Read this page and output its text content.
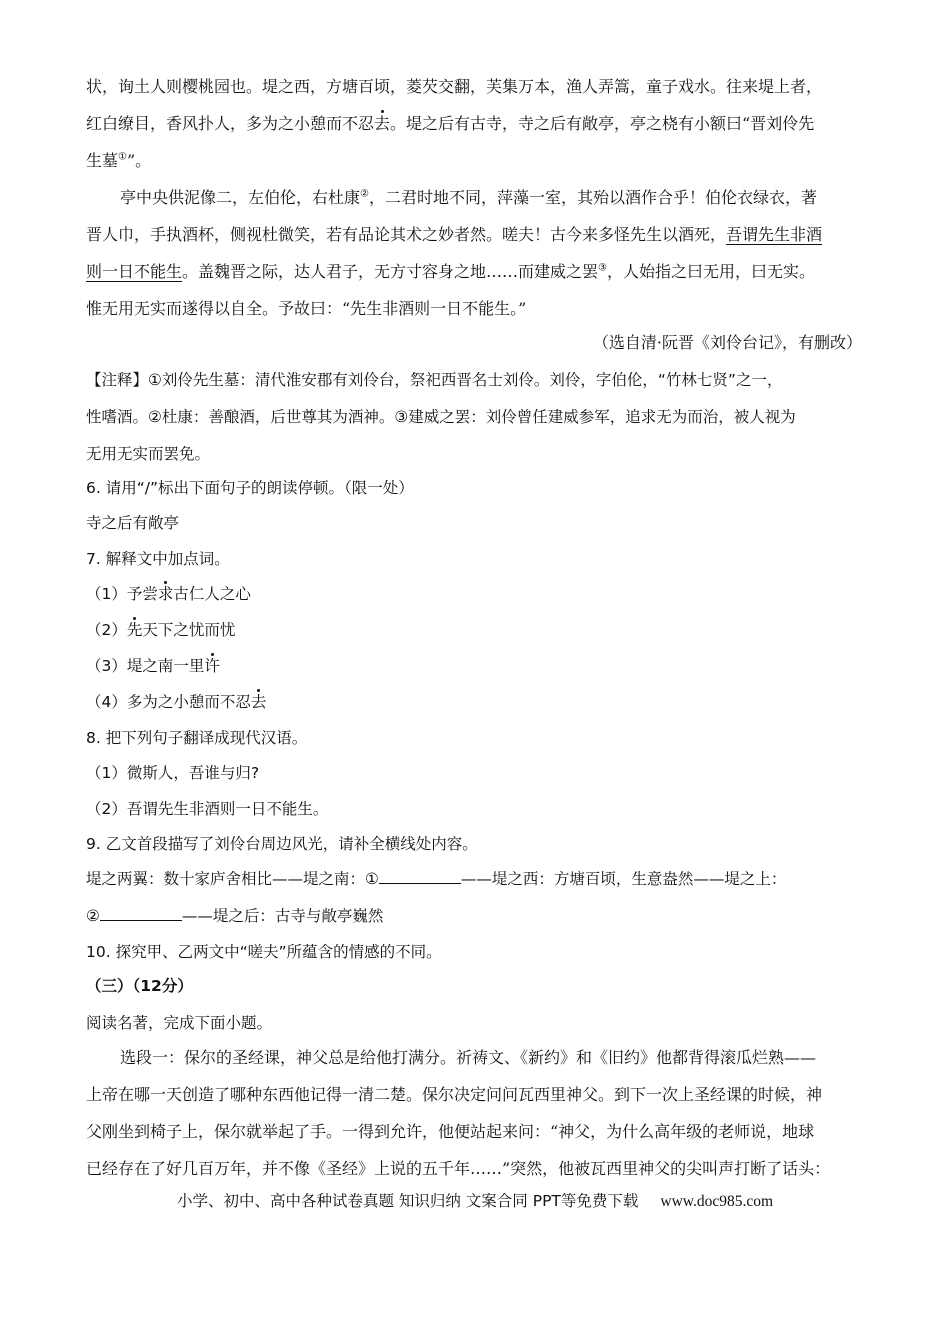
状，询土人则樱桃园也。堤之西，方塘百顷，菱芡交翻，芙集万本，渔人弄篙，童子戏水。往来堤上者，
红白缭目，香风扑人，多为之小憩而不忍去。堤之后有古寺，寺之后有敞亭，亭之桡有小额曰“晋刘伶先
生墓①”。
亭中央供泥像二，左伯伦，右杜康②，二君时地不同，萍藻一室，其殆以酒作合乎！伯伦衣绿衣，著
晋人巾，手执酒杯，侧视杜微笑，若有品论其术之妙者然。嗟夫！古今来多怪先生以酒死，吾谓先生非酒
则一日不能生。盖魏晋之际，达人君子，无方寸容身之地……而建威之罢③，人始指之曰无用，曰无实。
惟无用无实而遂得以自全。予故曰：“先生非酒则一日不能生。”
（选自清·阮晋《刘伶台记》，有删改）
【注释】①刘伶先生墓：清代淮安郡有刘伶台，祭祀西晋名士刘伶。刘伶，字伯伦，“竹林七贤”之一，
性嗜酒。②杜康：善酿酒，后世尊其为酒神。③建威之罢：刘伶曾任建威参军，追求无为而治，被人视为
无用无实而罢免。
6. 请用“/”标出下面句子的朗读停顿。（限一处）
寺之后有敞亭
7. 解释文中加点词。
（1）予尝求古仁人之心
（2）先天下之忧而忧
（3）堤之南一里许
（4）多为之小憩而不忍去
8. 把下列句子翻译成现代汉语。
（1）微斯人，吾谁与归?
（2）吾谓先生非酒则一日不能生。
9. 乙文首段描写了刘伶台周边风光，请补全横线处内容。
堤之两翼：数十家庐舍相比——堤之南：①	——堤之西：方塘百顷，生意盎然——堤之上：
②	——堤之后：古寺与敞亭巍然
10. 探究甲、乙两文中“嗟夫”所蕴含的情感的不同。
（三）（12分）
阅读名著，完成下面小题。
选段一：保尔的圣经课，神父总是给他打满分。祈祷文、《新约》和《旧约》他都背得滚瓜烂熟——
上帝在哪一天创造了哪种东西他记得一清二楚。保尔决定问问瓦西里神父。到下一次上圣经课的时候，神
父刚坐到椅子上，保尔就举起了手。一得到允许，他便站起来问：“神父，为什么高年级的老师说，地球
已经存在了好几百万年，并不像《圣经》上说的五千年……”突然，他被瓦西里神父的尖叫声打断了话头：
小学、初中、高中各种试卷真题 知识归纳 文案合同 PPT等免费下载 www.doc985.com
